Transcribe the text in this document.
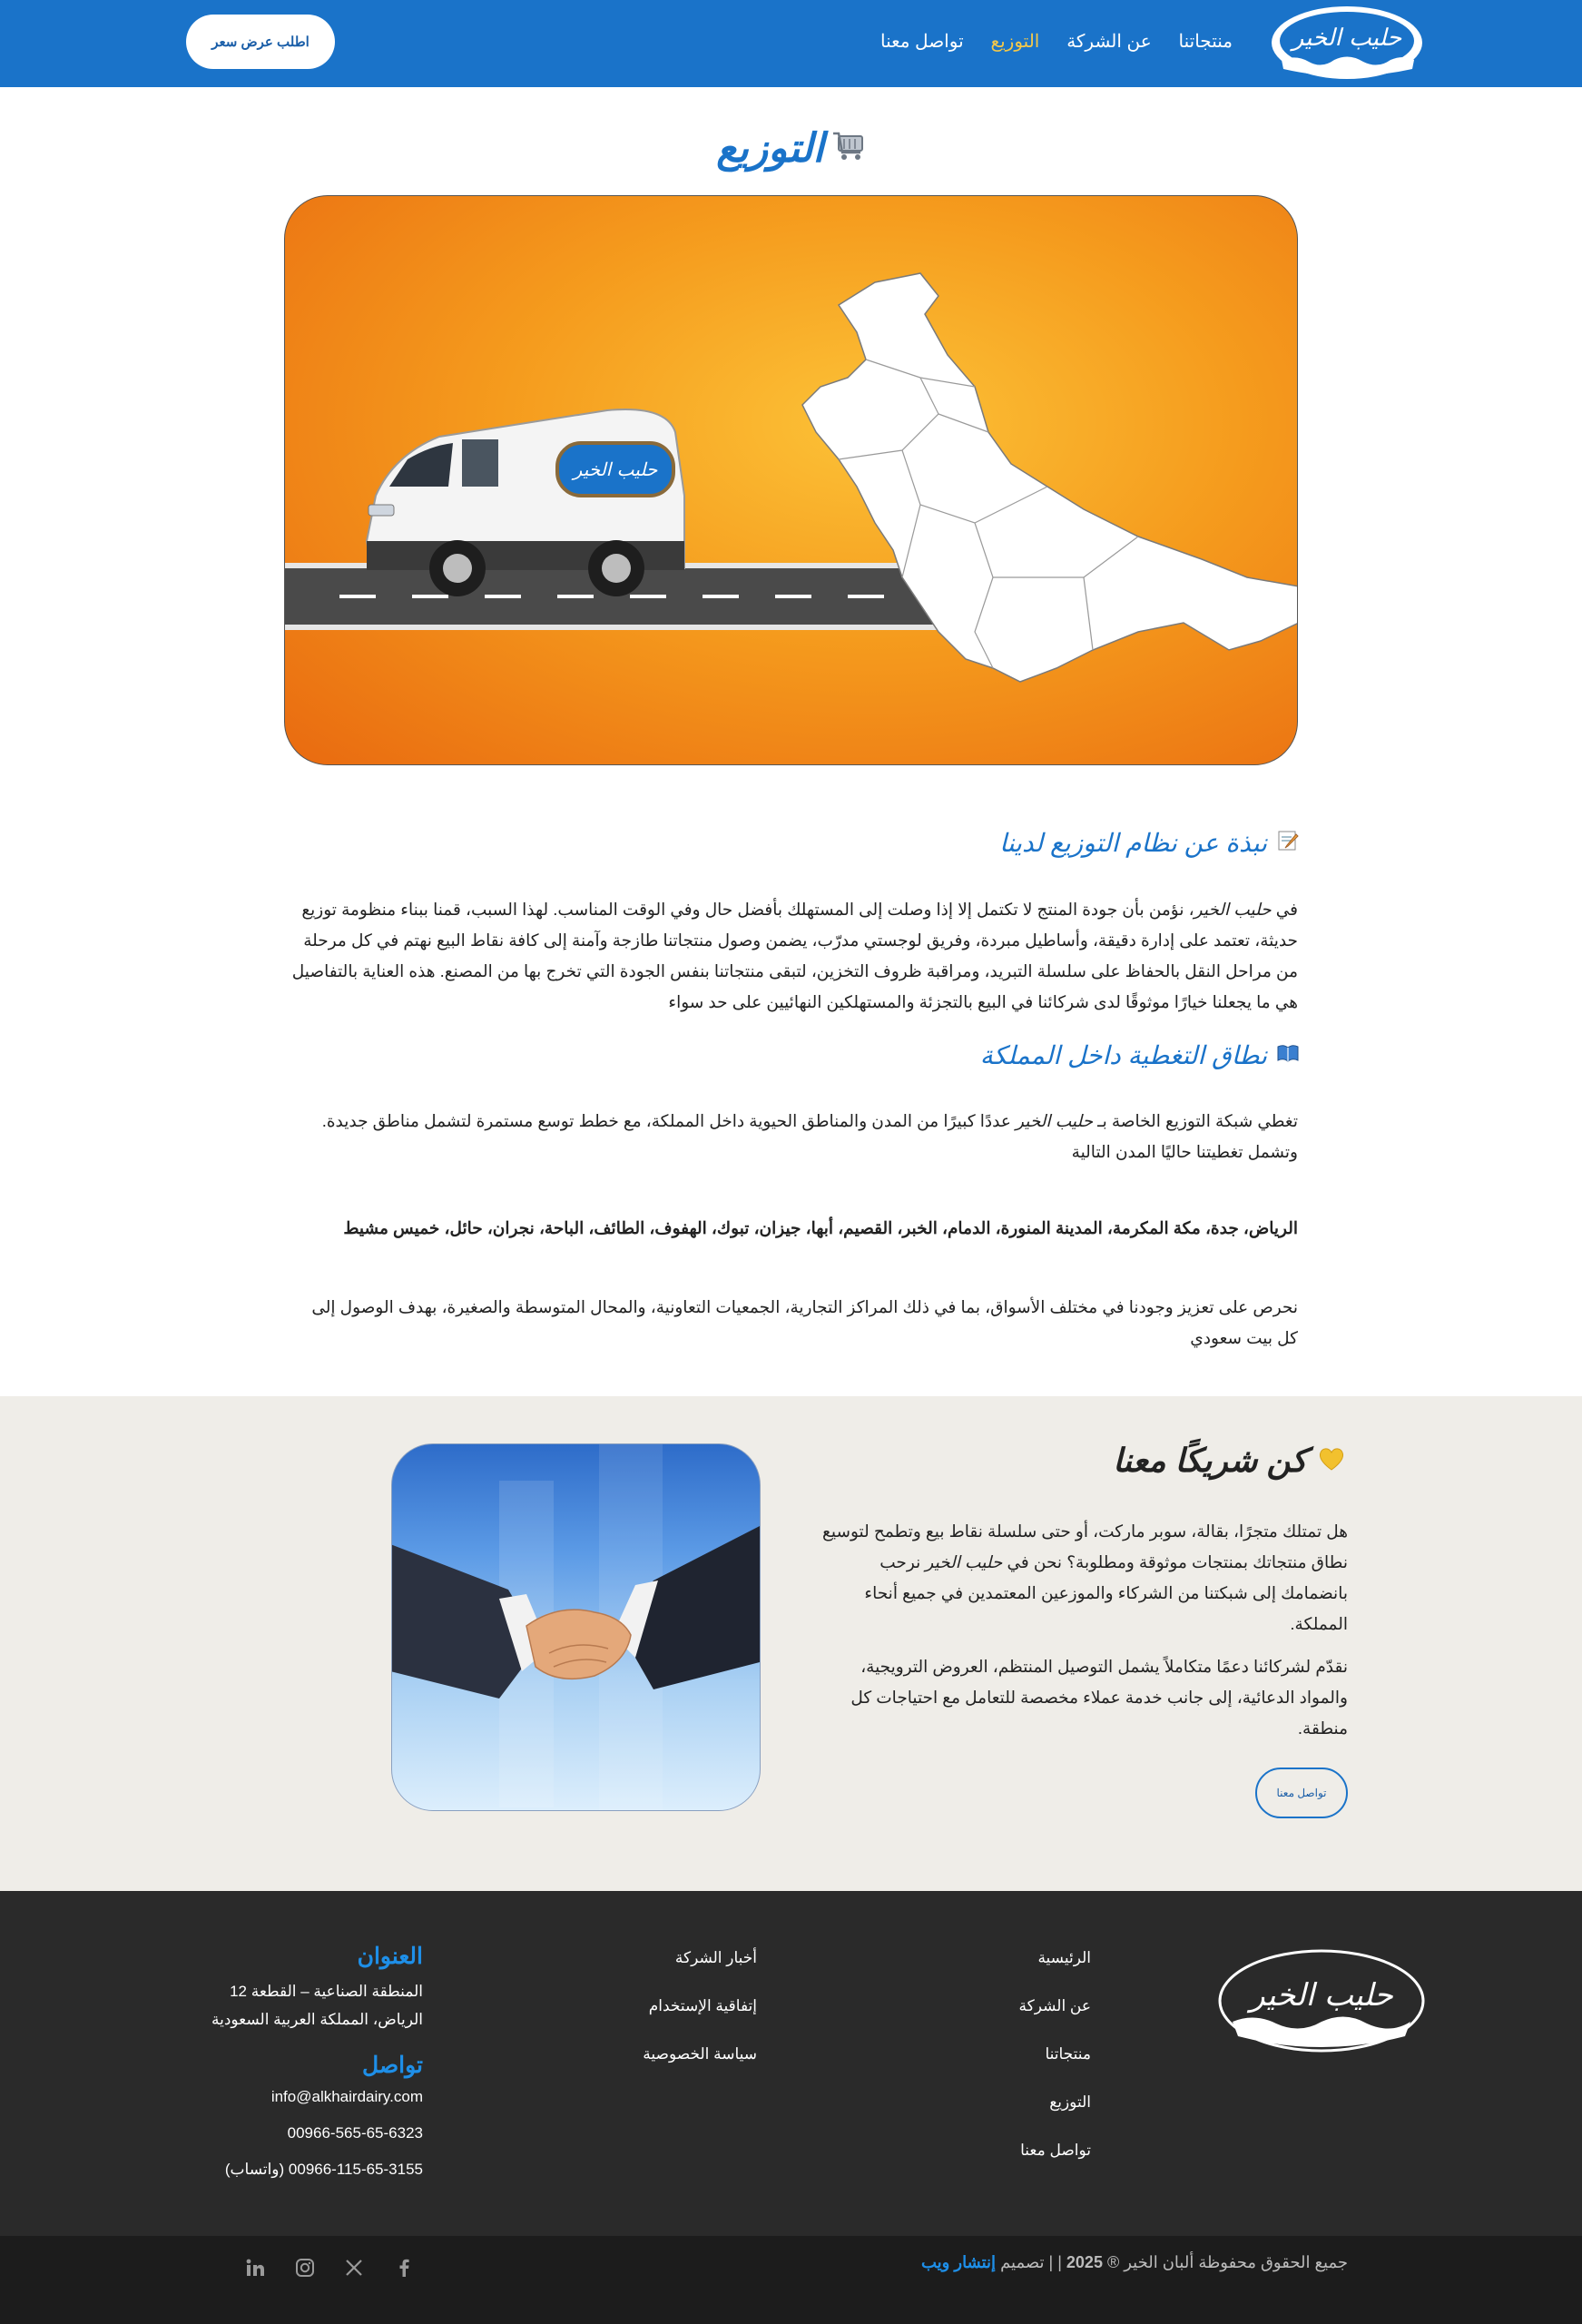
حليب الخير
منتجاتنا
عن الشركة
التوزيع
تواصل معنا
اطلب عرض سعر
التوزيع
حليب الخير
نبذة عن نظام التوزيع لدينا

في حليب الخير، نؤمن بأن جودة المنتج لا تكتمل إلا إذا وصلت إلى المستهلك بأفضل حال وفي الوقت المناسب. لهذا السبب، قمنا ببناء منظومة توزيع حديثة، تعتمد على إدارة دقيقة، وأساطيل مبردة، وفريق لوجستي مدرّب، يضمن وصول منتجاتنا طازجة وآمنة إلى كافة نقاط البيع نهتم في كل مرحلة من مراحل النقل بالحفاظ على سلسلة التبريد، ومراقبة ظروف التخزين، لتبقى منتجاتنا بنفس الجودة التي تخرج بها من المصنع. هذه العناية بالتفاصيل هي ما يجعلنا خيارًا موثوقًا لدى شركائنا في البيع بالتجزئة والمستهلكين النهائيين على حد سواء

نطاق التغطية داخل المملكة

تغطي شبكة التوزيع الخاصة بـ حليب الخير عددًا كبيرًا من المدن والمناطق الحيوية داخل المملكة، مع خطط توسع مستمرة لتشمل مناطق جديدة. وتشمل تغطيتنا حاليًا المدن التالية

الرياض، جدة، مكة المكرمة، المدينة المنورة، الدمام، الخبر، القصيم، أبها، جيزان، تبوك، الهفوف، الطائف، الباحة، نجران، حائل، خميس مشيط

نحرص على تعزيز وجودنا في مختلف الأسواق، بما في ذلك المراكز التجارية، الجمعيات التعاونية، والمحال المتوسطة والصغيرة، بهدف الوصول إلى كل بيت سعودي

كن شريكًا معنا

هل تمتلك متجرًا، بقالة، سوبر ماركت، أو حتى سلسلة نقاط بيع وتطمح لتوسيع نطاق منتجاتك بمنتجات موثوقة ومطلوبة؟ نحن في حليب الخير نرحب بانضمامك إلى شبكتنا من الشركاء والموزعين المعتمدين في جميع أنحاء المملكة.

نقدّم لشركائنا دعمًا متكاملاً يشمل التوصيل المنتظم، العروض الترويجية، والمواد الدعائية، إلى جانب خدمة عملاء مخصصة للتعامل مع احتياجات كل منطقة.

تواصل معنا
حليب الخير
الرئيسية
عن الشركة
منتجاتنا
التوزيع
تواصل معنا
أخبار الشركة
إتفاقية الإستخدام
سياسة الخصوصية
العنوان
المنطقة الصناعية – القطعة 12
الرياض، المملكة العربية السعودية
تواصل
info@alkhairdairy.com
00966-565-65-6323
00966-115-65-3155 (واتساب)
جميع الحقوق محفوظة ألبان الخير ® 2025 | | تصميم إنتشار ويب
